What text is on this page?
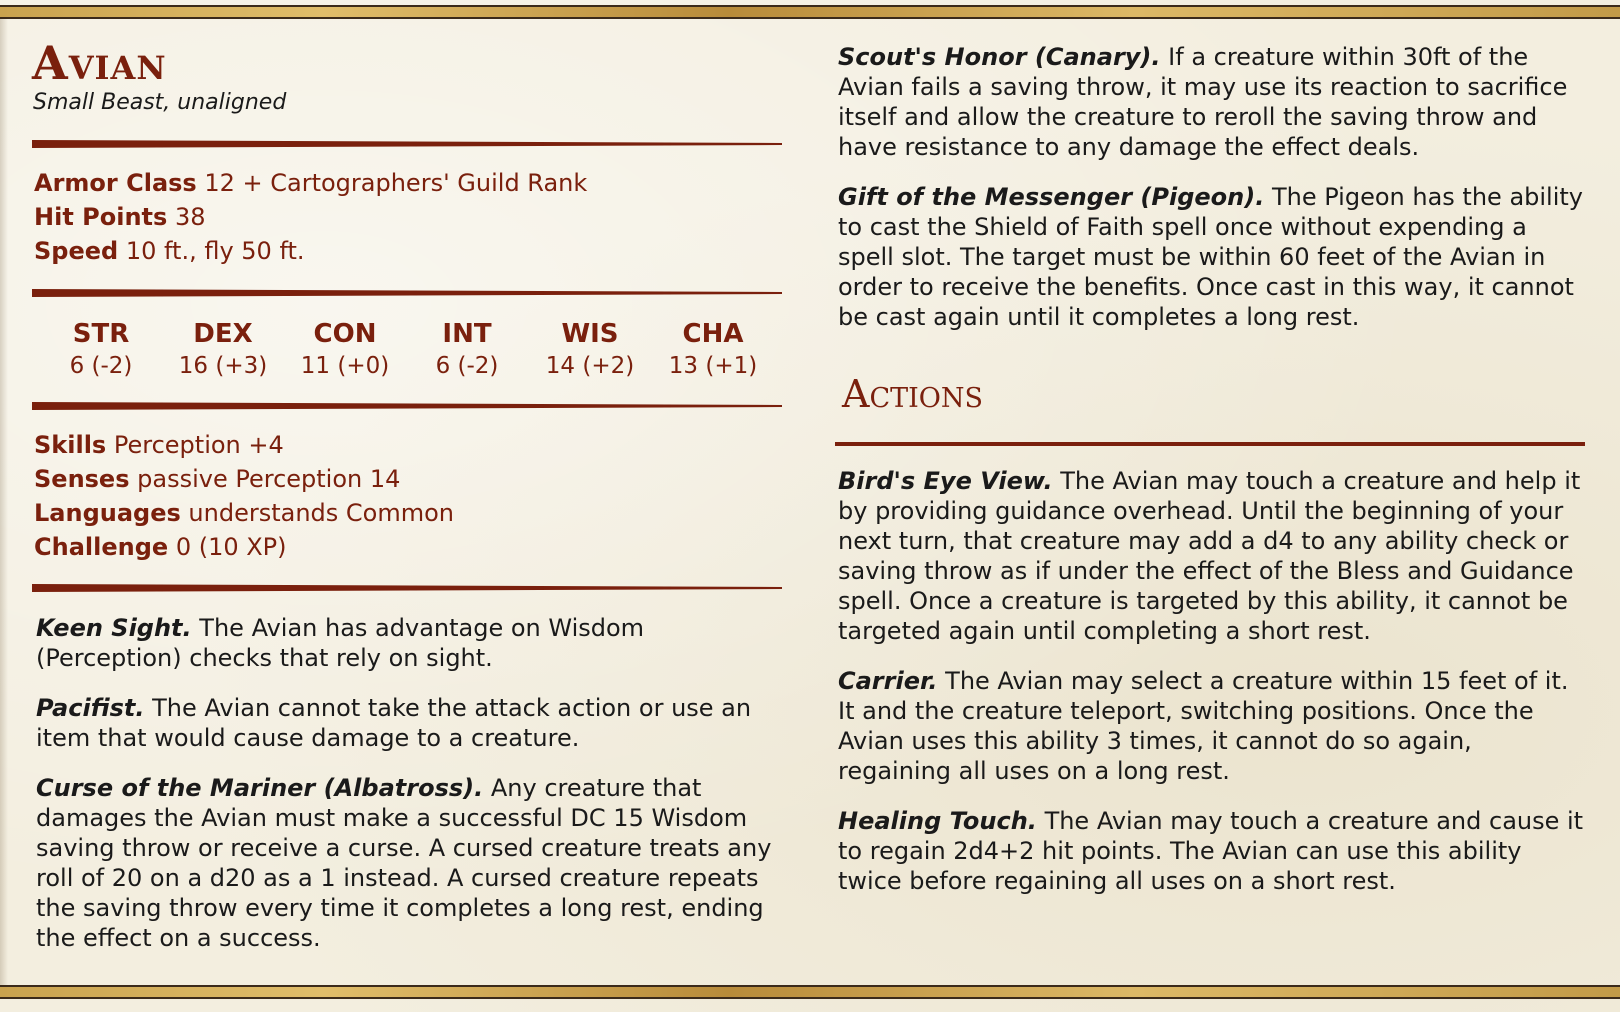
Avian
Small Beast, unaligned
Armor Class 12 + Cartographers' Guild Rank
Hit Points 38
Speed 10 ft., fly 50 ft.
STR
6 (-2)
DEX
16 (+3)
CON
11 (+0)
INT
6 (-2)
WIS
14 (+2)
CHA
13 (+1)
Skills Perception +4
Senses passive Perception 14
Languages understands Common
Challenge 0 (10 XP)
Keen Sight. The Avian has advantage on Wisdom (Perception) checks that rely on sight.
Pacifist. The Avian cannot take the attack action or use an item that would cause damage to a creature.
Curse of the Mariner (Albatross). Any creature that damages the Avian must make a successful DC 15 Wisdom saving throw or receive a curse. A cursed creature treats any roll of 20 on a d20 as a 1 instead. A cursed creature repeats the saving throw every time it completes a long rest, ending the effect on a success.
Scout's Honor (Canary). If a creature within 30ft of the Avian fails a saving throw, it may use its reaction to sacrifice itself and allow the creature to reroll the saving throw and have resistance to any damage the effect deals.
Gift of the Messenger (Pigeon). The Pigeon has the ability to cast the Shield of Faith spell once without expending a spell slot. The target must be within 60 feet of the Avian in order to receive the benefits. Once cast in this way, it cannot be cast again until it completes a long rest.
Actions
Bird's Eye View. The Avian may touch a creature and help it by providing guidance overhead. Until the beginning of your next turn, that creature may add a d4 to any ability check or saving throw as if under the effect of the Bless and Guidance spell. Once a creature is targeted by this ability, it cannot be targeted again until completing a short rest.
Carrier. The Avian may select a creature within 15 feet of it. It and the creature teleport, switching positions. Once the Avian uses this ability 3 times, it cannot do so again, regaining all uses on a long rest.
Healing Touch. The Avian may touch a creature and cause it to regain 2d4+2 hit points. The Avian can use this ability twice before regaining all uses on a short rest.
